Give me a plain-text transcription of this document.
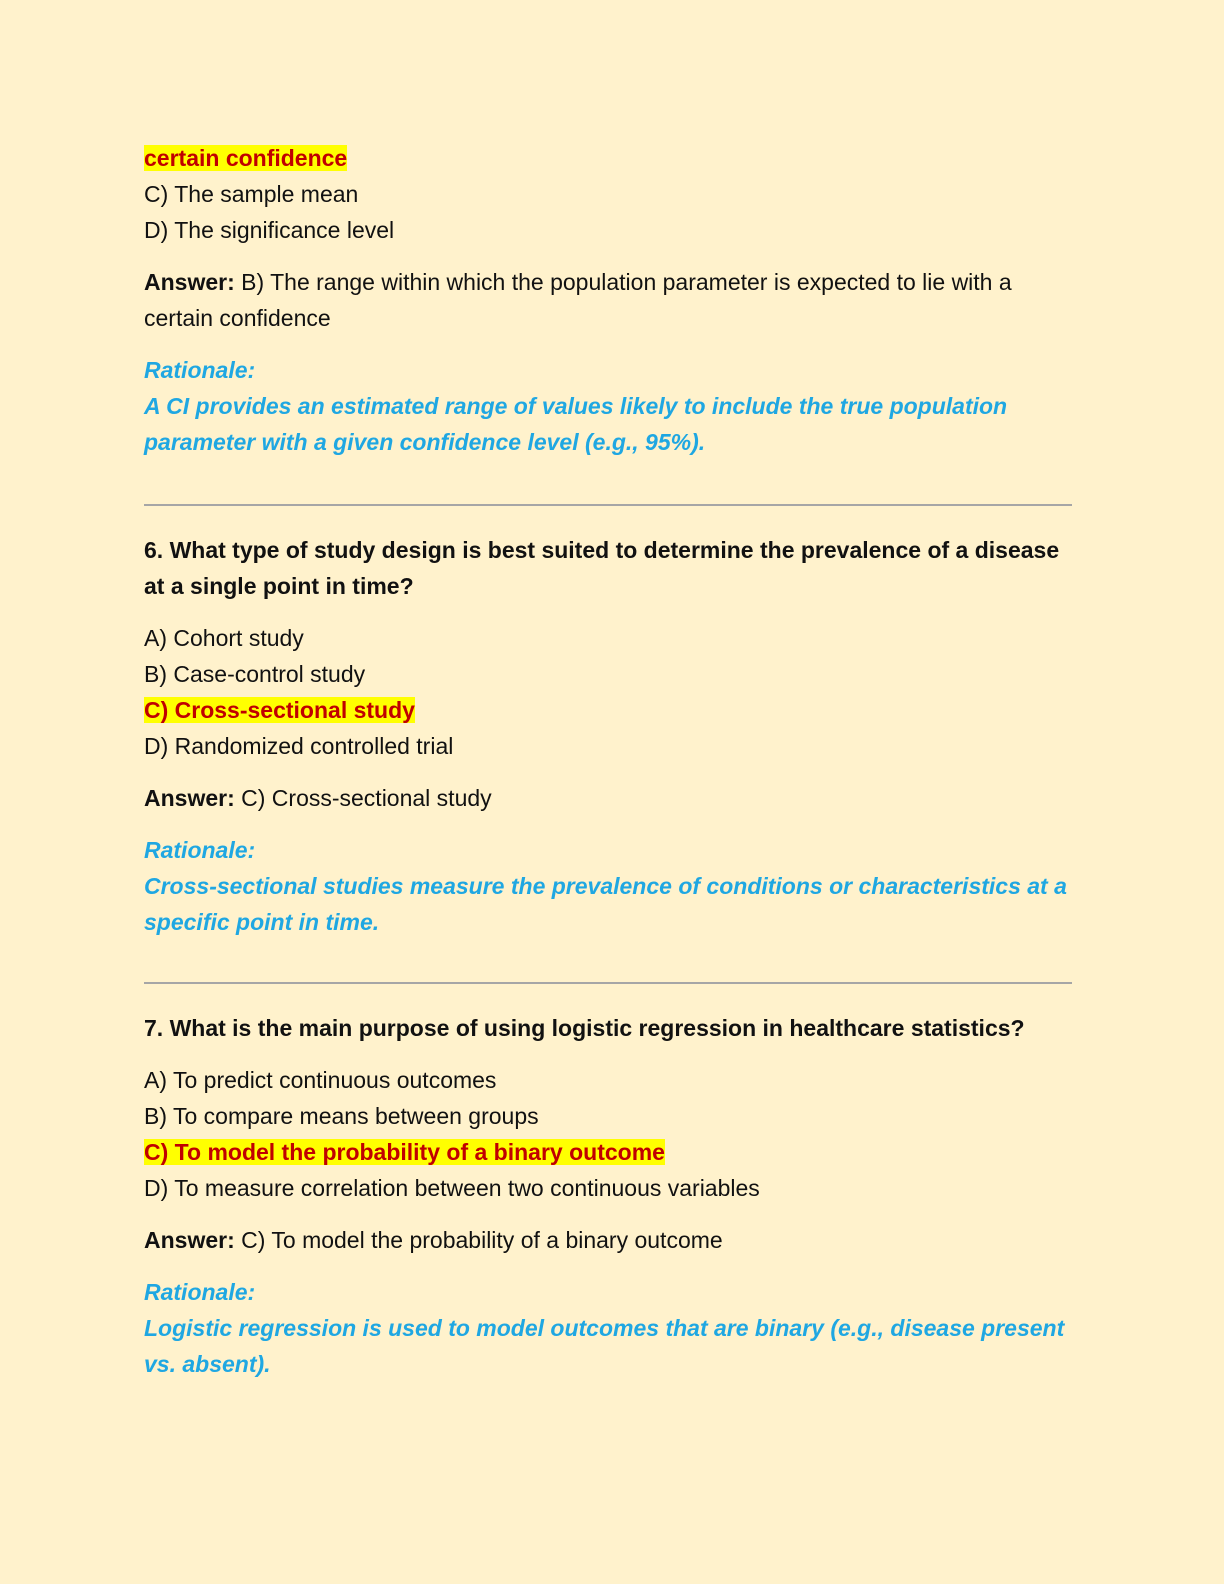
certain confidence

C) The sample mean

D) The significance level

Answer: B) The range within which the population parameter is expected to lie with a certain confidence

Rationale:

A CI provides an estimated range of values likely to include the true population parameter with a given confidence level (e.g., 95%).

6. What type of study design is best suited to determine the prevalence of a disease at a single point in time?

A) Cohort study

B) Case-control study

C) Cross-sectional study

D) Randomized controlled trial

Answer: C) Cross-sectional study

Rationale:

Cross-sectional studies measure the prevalence of conditions or characteristics at a specific point in time.

7. What is the main purpose of using logistic regression in healthcare statistics?

A) To predict continuous outcomes

B) To compare means between groups

C) To model the probability of a binary outcome

D) To measure correlation between two continuous variables

Answer: C) To model the probability of a binary outcome

Rationale:

Logistic regression is used to model outcomes that are binary (e.g., disease present vs. absent).
